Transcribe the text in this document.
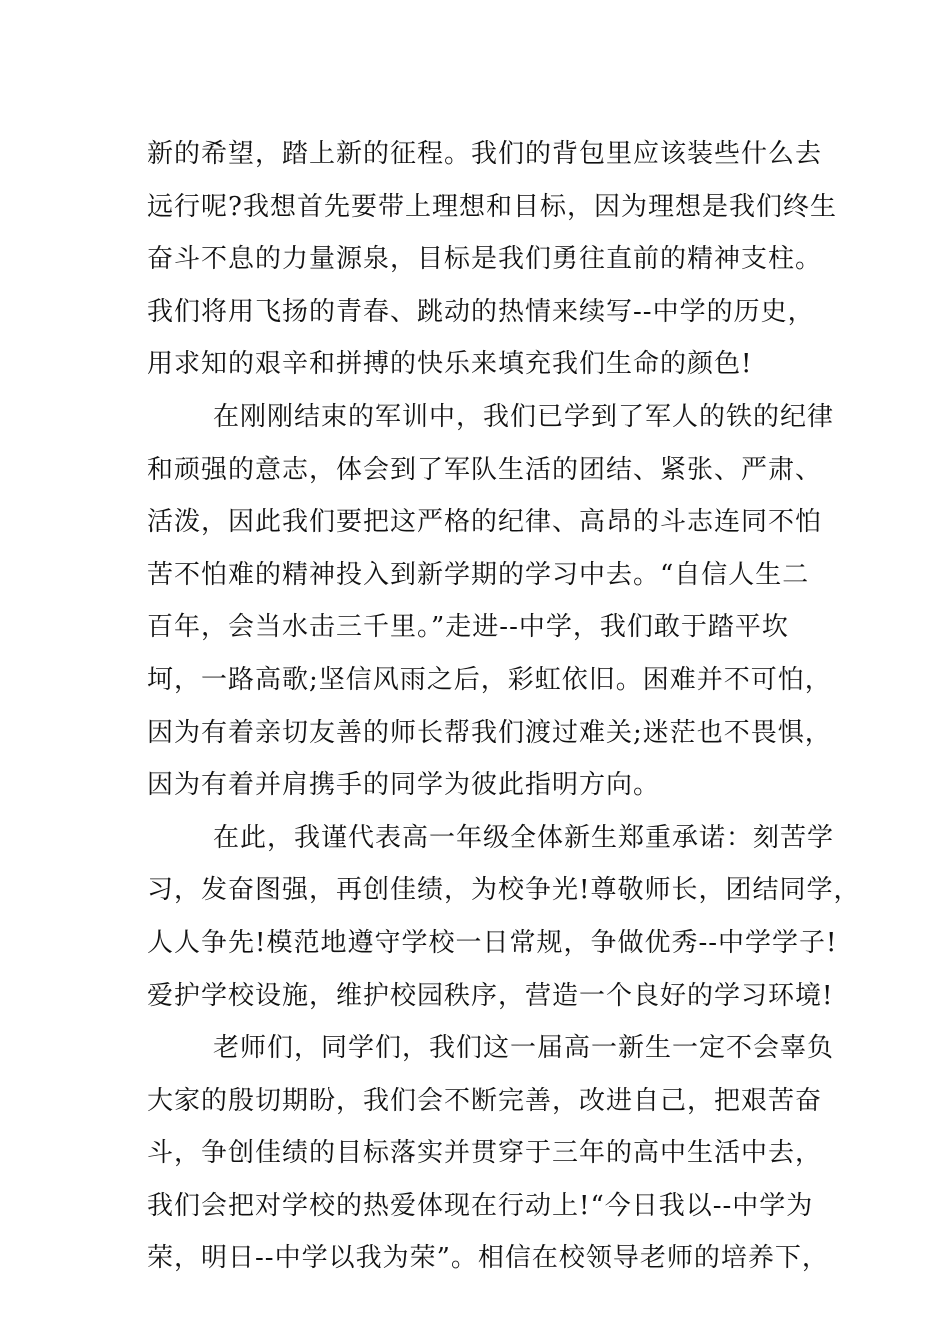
新的希望，踏上新的征程。我们的背包里应该装些什么去
远行呢?我想首先要带上理想和目标，因为理想是我们终生
奋斗不息的力量源泉，目标是我们勇往直前的精神支柱。
我们将用飞扬的青春、跳动的热情来续写--中学的历史，
用求知的艰辛和拼搏的快乐来填充我们生命的颜色!
在刚刚结束的军训中，我们已学到了军人的铁的纪律
和顽强的意志，体会到了军队生活的团结、紧张、严肃、
活泼，因此我们要把这严格的纪律、高昂的斗志连同不怕
苦不怕难的精神投入到新学期的学习中去。“自信人生二
百年，会当水击三千里。”走进--中学，我们敢于踏平坎
坷，一路高歌;坚信风雨之后，彩虹依旧。困难并不可怕，
因为有着亲切友善的师长帮我们渡过难关;迷茫也不畏惧，
因为有着并肩携手的同学为彼此指明方向。
在此，我谨代表高一年级全体新生郑重承诺：刻苦学
习，发奋图强，再创佳绩，为校争光!尊敬师长，团结同学，
人人争先!模范地遵守学校一日常规，争做优秀--中学学子!
爱护学校设施，维护校园秩序，营造一个良好的学习环境!
老师们，同学们，我们这一届高一新生一定不会辜负
大家的殷切期盼，我们会不断完善，改进自己，把艰苦奋
斗，争创佳绩的目标落实并贯穿于三年的高中生活中去，
我们会把对学校的热爱体现在行动上!“今日我以--中学为
荣，明日--中学以我为荣”。相信在校领导老师的培养下，
